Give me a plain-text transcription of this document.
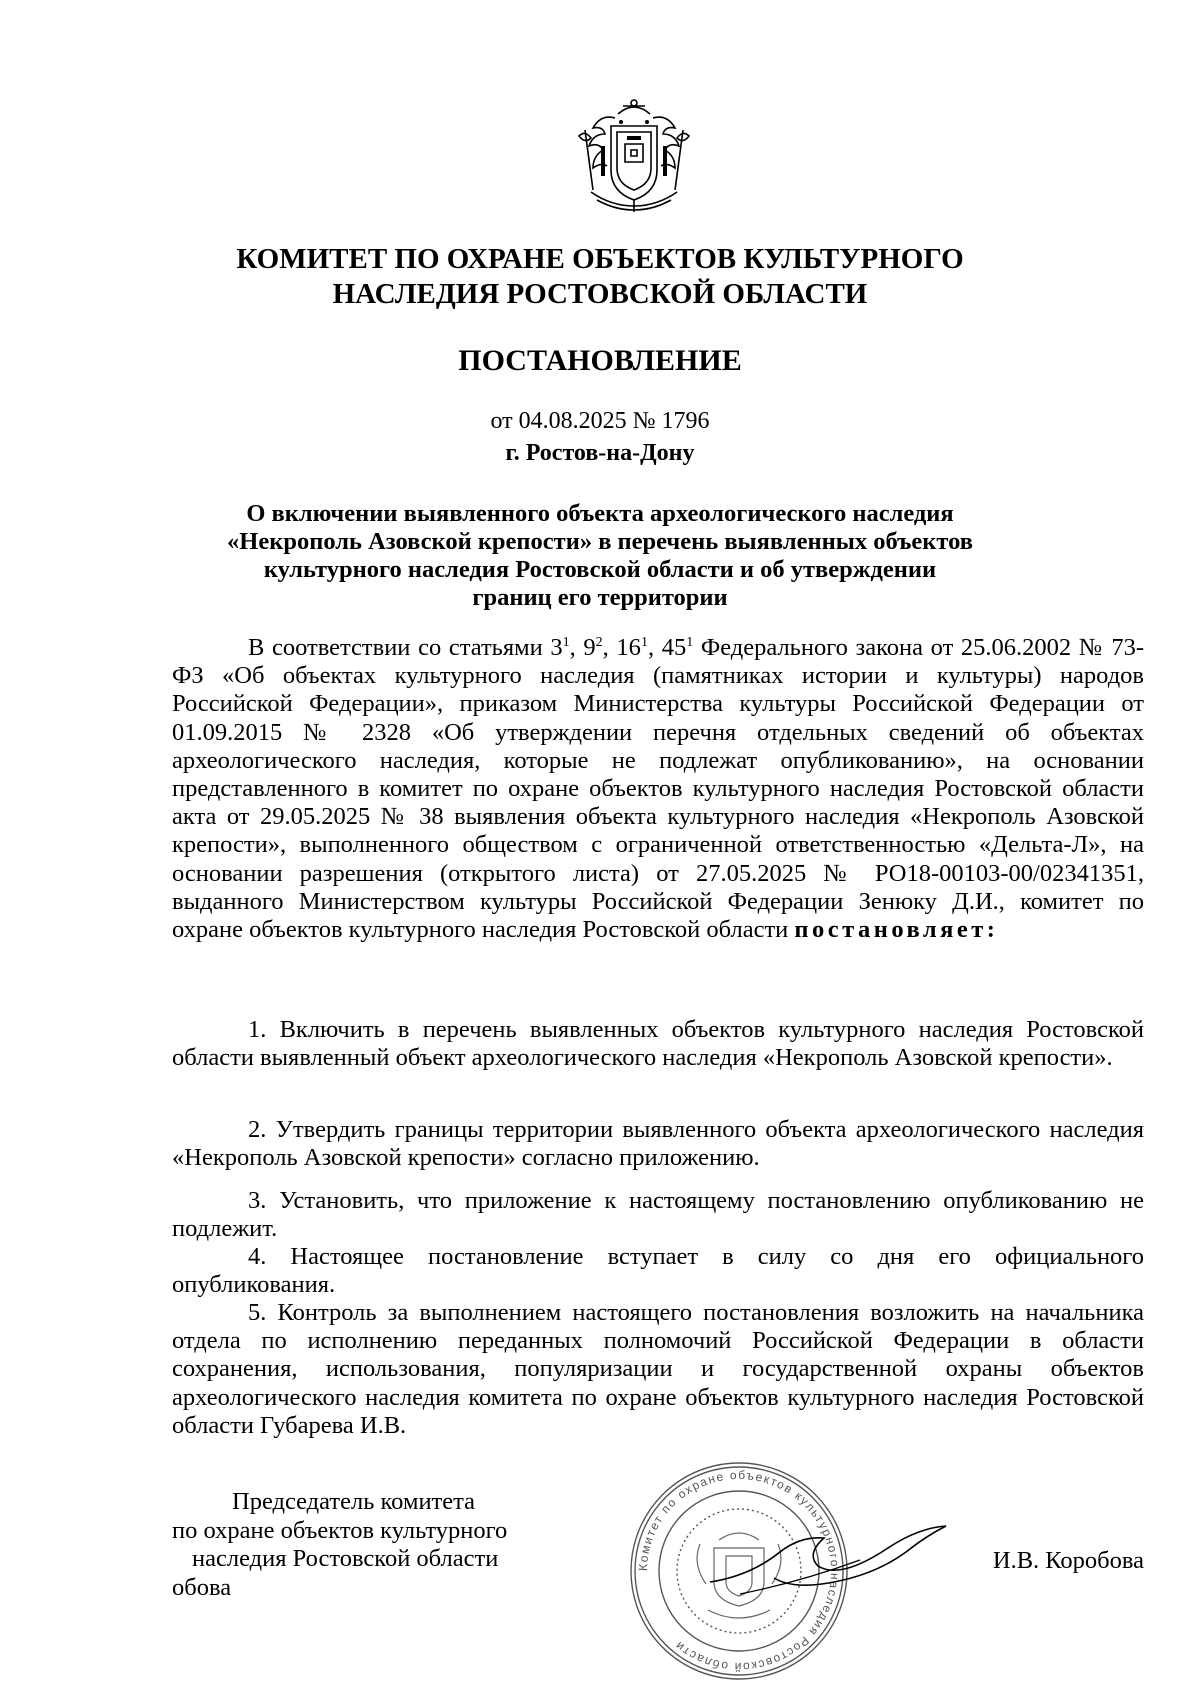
КОМИТЕТ ПО ОХРАНЕ ОБЪЕКТОВ КУЛЬТУРНОГО
НАСЛЕДИЯ РОСТОВСКОЙ ОБЛАСТИ
ПОСТАНОВЛЕНИЕ
от 04.08.2025 № 1796
г. Ростов-на-Дону
О включении выявленного объекта археологического наследия
«Некрополь Азовской крепости» в перечень выявленных объектов
культурного наследия Ростовской области и об утверждении
границ его территории
В соответствии со статьями $3^1$, $9^2$, $16^1$, $45^1$ Федерального закона от 25.06.2002 № 73-ФЗ «Об объектах культурного наследия (памятниках истории и культуры) народов Российской Федерации», приказом Министерства культуры Российской Федерации от 01.09.2015 № 2328 «Об утверждении перечня отдельных сведений об объектах археологического наследия, которые не подлежат опубликованию», на основании представленного в комитет по охране объектов культурного наследия Ростовской области акта от 29.05.2025 № 38 выявления объекта культурного наследия «Некрополь Азовской крепости», выполненного обществом с ограниченной ответственностью «Дельта-Л», на основании разрешения (открытого листа) от 27.05.2025 № РО18-00103-00/02341351, выданного Министерством культуры Российской Федерации Зенюку Д.И., комитет по охране объектов культурного наследия Ростовской области постановляет:
1. Включить в перечень выявленных объектов культурного наследия Ростовской области выявленный объект археологического наследия «Некрополь Азовской крепости».
2. Утвердить границы территории выявленного объекта археологического наследия «Некрополь Азовской крепости» согласно приложению.
3. Установить, что приложение к настоящему постановлению опубликованию не подлежит.
4. Настоящее постановление вступает в силу со дня его официального опубликования.
5. Контроль за выполнением настоящего постановления возложить на начальника отдела по исполнению переданных полномочий Российской Федерации в области сохранения, использования, популяризации и государственной охраны объектов археологического наследия комитета по охране объектов культурного наследия Ростовской области Губарева И.В.
Председатель комитета
по охране объектов культурного
наследия Ростовской области
обова
Комитет по охране объектов культурного наследия Ростовской области
И.В. Коробова
